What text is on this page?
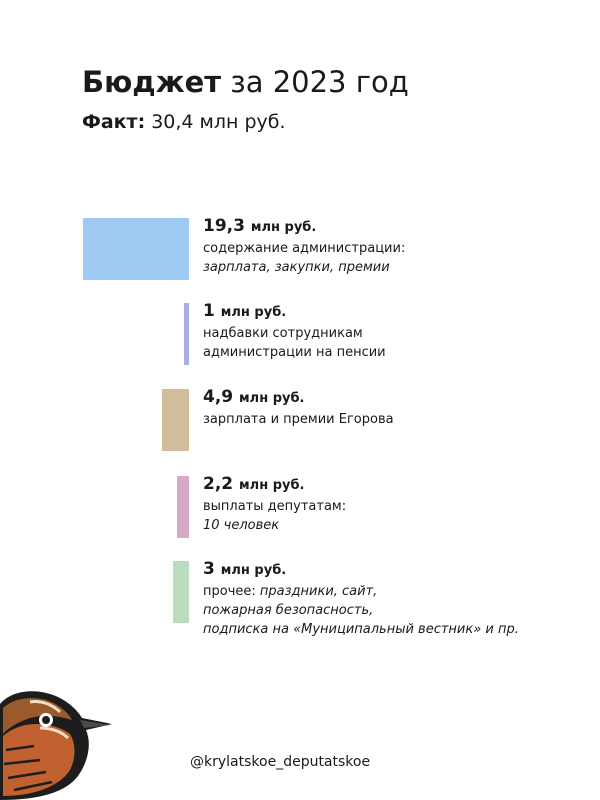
Бюджет за 2023 год
Факт: 30,4 млн руб.
19,3 млн руб.
содержание администрации:
зарплата, закупки, премии
1 млн руб.
надбавки сотрудникам
администрации на пенсии
4,9 млн руб.
зарплата и премии Егорова
2,2 млн руб.
выплаты депутатам:
10 человек
3 млн руб.
прочее: праздники, сайт,
пожарная безопасность,
подписка на «Муниципальный вестник» и пр.
@krylatskoe_deputatskoe
